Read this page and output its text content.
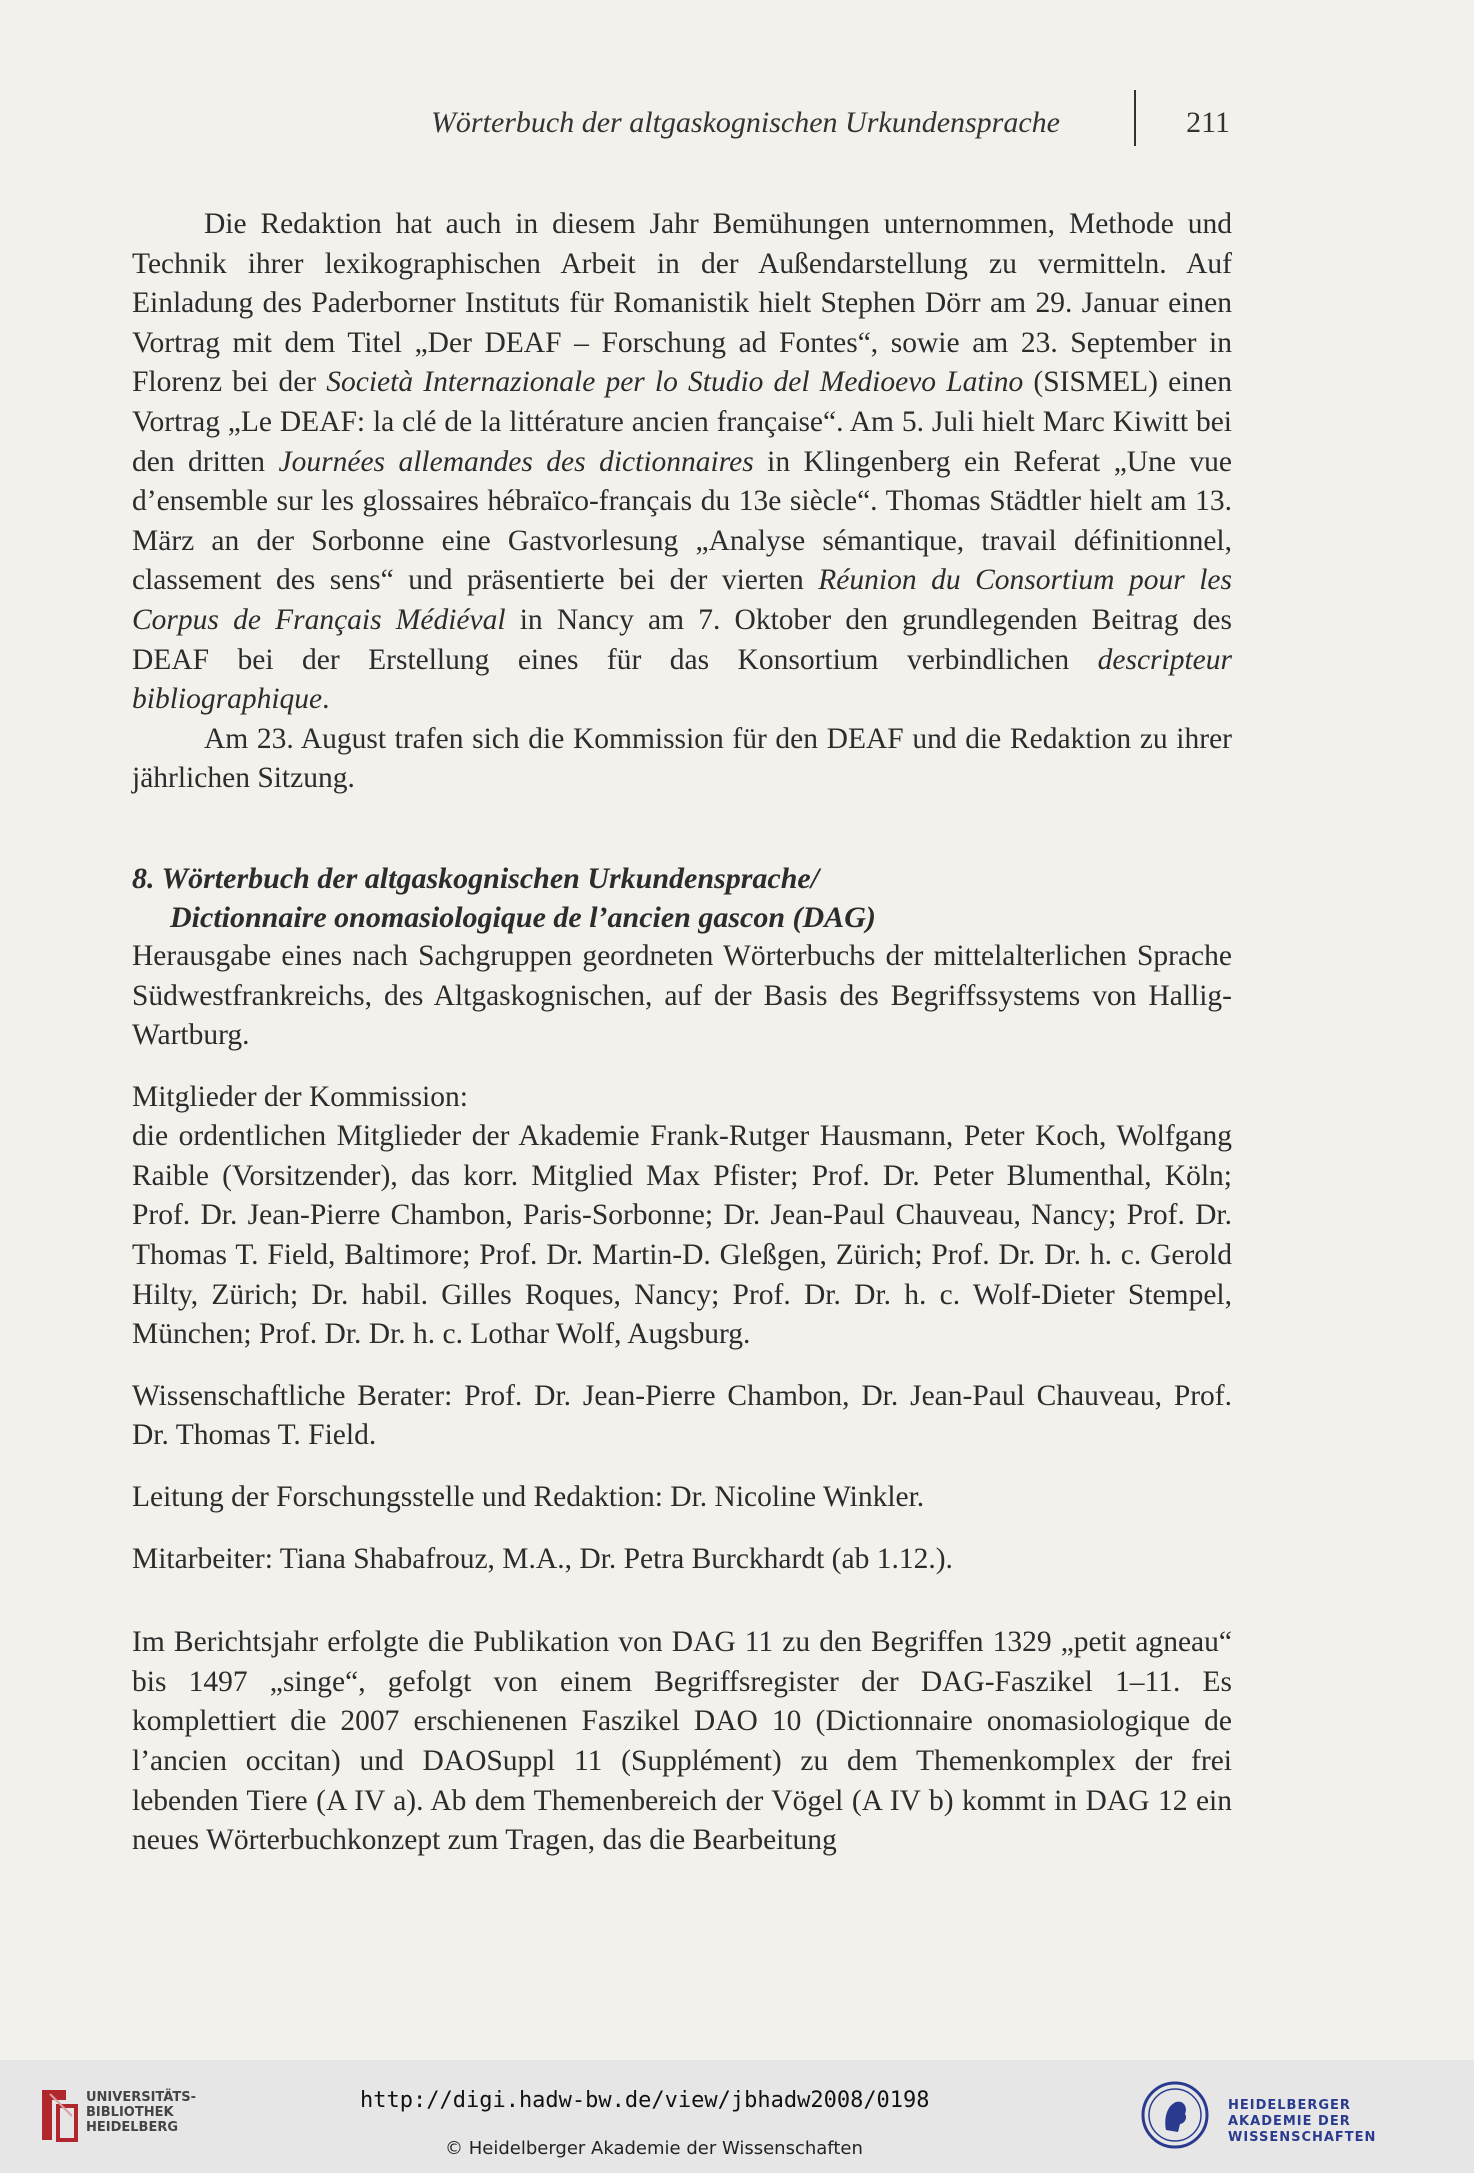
Wörterbuch der altgaskognischen Urkundensprache	211

Die Redaktion hat auch in diesem Jahr Bemühungen unternommen, Methode und Technik ihrer lexikographischen Arbeit in der Außendarstellung zu vermitteln. Auf Einladung des Paderborner Instituts für Romanistik hielt Stephen Dörr am 29. Januar einen Vortrag mit dem Titel „Der DEAF – Forschung ad Fontes“, sowie am 23. September in Florenz bei der Società Internazionale per lo Studio del Medioevo Latino (SISMEL) einen Vortrag „Le DEAF: la clé de la littérature ancien française“. Am 5. Juli hielt Marc Kiwitt bei den dritten Journées allemandes des dictionnaires in Klingenberg ein Referat „Une vue d’ensemble sur les glossaires hébraïco-français du 13e siècle“. Thomas Städtler hielt am 13. März an der Sorbonne eine Gastvorlesung „Analyse sémantique, travail définitionnel, classement des sens“ und präsentierte bei der vierten Réunion du Consortium pour les Corpus de Français Médiéval in Nancy am 7. Oktober den grundlegenden Beitrag des DEAF bei der Erstellung eines für das Konsortium verbindlichen descripteur bibliographique.

Am 23. August trafen sich die Kommission für den DEAF und die Redaktion zu ihrer jährlichen Sitzung.

8. Wörterbuch der altgaskognischen Urkundensprache/
Dictionnaire onomasiologique de l’ancien gascon (DAG)

Herausgabe eines nach Sachgruppen geordneten Wörterbuchs der mittelalterlichen Sprache Südwestfrankreichs, des Altgaskognischen, auf der Basis des Begriffssystems von Hallig-Wartburg.

Mitglieder der Kommission:

die ordentlichen Mitglieder der Akademie Frank-Rutger Hausmann, Peter Koch, Wolfgang Raible (Vorsitzender), das korr. Mitglied Max Pfister; Prof. Dr. Peter Blumenthal, Köln; Prof. Dr. Jean-Pierre Chambon, Paris-Sorbonne; Dr. Jean-Paul Chauveau, Nancy; Prof. Dr. Thomas T. Field, Baltimore; Prof. Dr. Martin-D. Gleßgen, Zürich; Prof. Dr. Dr. h. c. Gerold Hilty, Zürich; Dr. habil. Gilles Roques, Nancy; Prof. Dr. Dr. h. c. Wolf-Dieter Stempel, München; Prof. Dr. Dr. h. c. Lothar Wolf, Augsburg.

Wissenschaftliche Berater: Prof. Dr. Jean-Pierre Chambon, Dr. Jean-Paul Chauveau, Prof. Dr. Thomas T. Field.

Leitung der Forschungsstelle und Redaktion: Dr. Nicoline Winkler.

Mitarbeiter: Tiana Shabafrouz, M.A., Dr. Petra Burckhardt (ab 1.12.).

Im Berichtsjahr erfolgte die Publikation von DAG 11 zu den Begriffen 1329 „petit agneau“ bis 1497 „singe“, gefolgt von einem Begriffsregister der DAG-Faszikel 1–11. Es komplettiert die 2007 erschienenen Faszikel DAO 10 (Dictionnaire onomasiologique de l’ancien occitan) und DAOSuppl 11 (Supplément) zu dem Themenkomplex der frei lebenden Tiere (A IV a). Ab dem Themenbereich der Vögel (A IV b) kommt in DAG 12 ein neues Wörterbuchkonzept zum Tragen, das die Bearbeitung

UNIVERSITÄTS- BIBLIOTHEK HEIDELBERG
http://digi.hadw-bw.de/view/jbhadw2008/0198
© Heidelberger Akademie der Wissenschaften
HEIDELBERGER AKADEMIE DER WISSENSCHAFTEN
